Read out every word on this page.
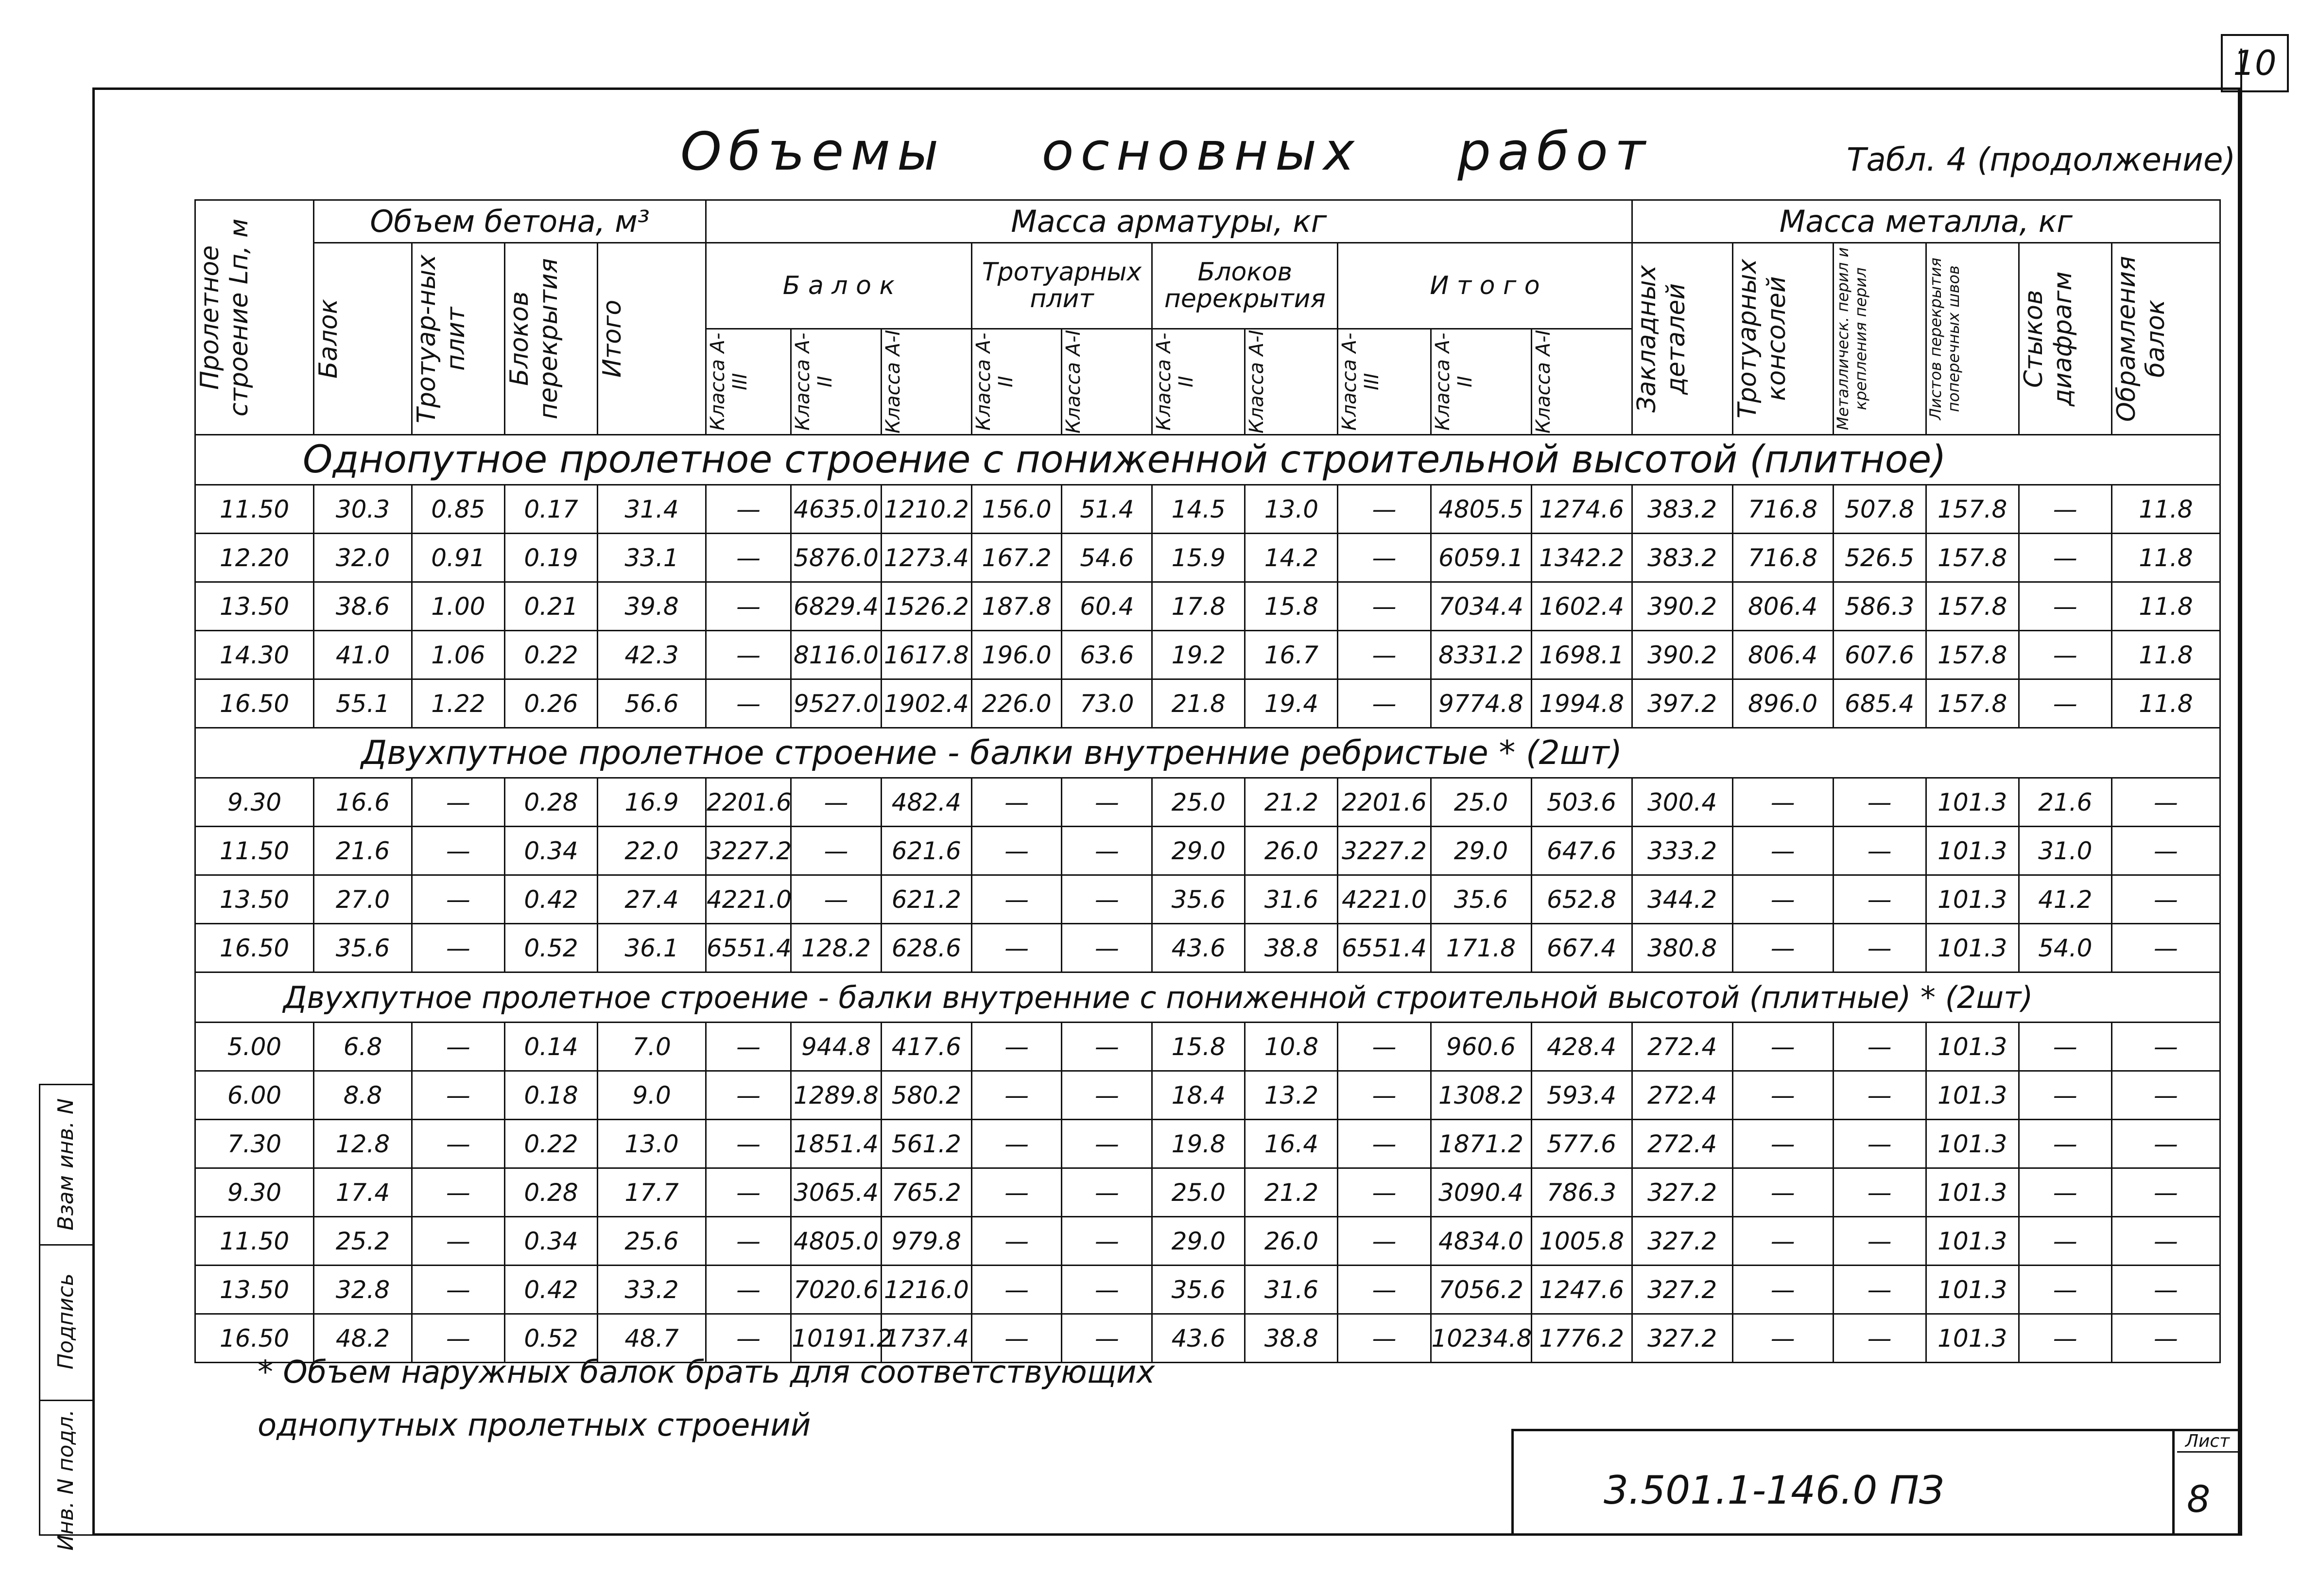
10
Объемы основных работ	Табл. 4 (продолжение)
Пролетное строение Lп, м	Объем бетона, м³				Масса арматуры, кг										Масса металла, кг					

	Балок	Тротуар-ных плит	Блоков перекрытия	Итого	Б а л о к			Тротуарных плит		Блоков перекрытия		И т о г о			Закладных деталей	Тротуарных консолей	Металлическ. перил и крепления перил	Листов перекрытия поперечных швов	Стыков диафрагм	Обрамления балок

					Класса A-III	Класса A-II	Класса A-I	Класса A-II	Класса A-I	Класса A-II	Класса A-I	Класса A-III	Класса A-II	Класса A-I						

Однопутное пролетное строение с пониженной строительной высотой (плитное)																				
11.50	30.3	0.85	0.17	31.4	—	4635.0	1210.2	156.0	51.4	14.5	13.0	—	4805.5	1274.6	383.2	716.8	507.8	157.8	—	11.8
12.20	32.0	0.91	0.19	33.1	—	5876.0	1273.4	167.2	54.6	15.9	14.2	—	6059.1	1342.2	383.2	716.8	526.5	157.8	—	11.8
13.50	38.6	1.00	0.21	39.8	—	6829.4	1526.2	187.8	60.4	17.8	15.8	—	7034.4	1602.4	390.2	806.4	586.3	157.8	—	11.8
14.30	41.0	1.06	0.22	42.3	—	8116.0	1617.8	196.0	63.6	19.2	16.7	—	8331.2	1698.1	390.2	806.4	607.6	157.8	—	11.8
16.50	55.1	1.22	0.26	56.6	—	9527.0	1902.4	226.0	73.0	21.8	19.4	—	9774.8	1994.8	397.2	896.0	685.4	157.8	—	11.8
Двухпутное пролетное строение - балки внутренние ребристые * (2шт)																				
9.30	16.6	—	0.28	16.9	2201.6	—	482.4	—	—	25.0	21.2	2201.6	25.0	503.6	300.4	—	—	101.3	21.6	—
11.50	21.6	—	0.34	22.0	3227.2	—	621.6	—	—	29.0	26.0	3227.2	29.0	647.6	333.2	—	—	101.3	31.0	—
13.50	27.0	—	0.42	27.4	4221.0	—	621.2	—	—	35.6	31.6	4221.0	35.6	652.8	344.2	—	—	101.3	41.2	—
16.50	35.6	—	0.52	36.1	6551.4	128.2	628.6	—	—	43.6	38.8	6551.4	171.8	667.4	380.8	—	—	101.3	54.0	—
Двухпутное пролетное строение - балки внутренние с пониженной строительной высотой (плитные) * (2шт)																				
5.00	6.8	—	0.14	7.0	—	944.8	417.6	—	—	15.8	10.8	—	960.6	428.4	272.4	—	—	101.3	—	—
6.00	8.8	—	0.18	9.0	—	1289.8	580.2	—	—	18.4	13.2	—	1308.2	593.4	272.4	—	—	101.3	—	—
7.30	12.8	—	0.22	13.0	—	1851.4	561.2	—	—	19.8	16.4	—	1871.2	577.6	272.4	—	—	101.3	—	—
9.30	17.4	—	0.28	17.7	—	3065.4	765.2	—	—	25.0	21.2	—	3090.4	786.3	327.2	—	—	101.3	—	—
11.50	25.2	—	0.34	25.6	—	4805.0	979.8	—	—	29.0	26.0	—	4834.0	1005.8	327.2	—	—	101.3	—	—
13.50	32.8	—	0.42	33.2	—	7020.6	1216.0	—	—	35.6	31.6	—	7056.2	1247.6	327.2	—	—	101.3	—	—
16.50	48.2	—	0.52	48.7	—	10191.2	1737.4	—	—	43.6	38.8	—	10234.8	1776.2	327.2	—	—	101.3	—	—
* Объем наружных балок брать для соответствующих
однопутных пролетных строений
3.501.1-146.0 ПЗ
Лист
8
Взам инв. N
Подпись
Инв. N подл.
